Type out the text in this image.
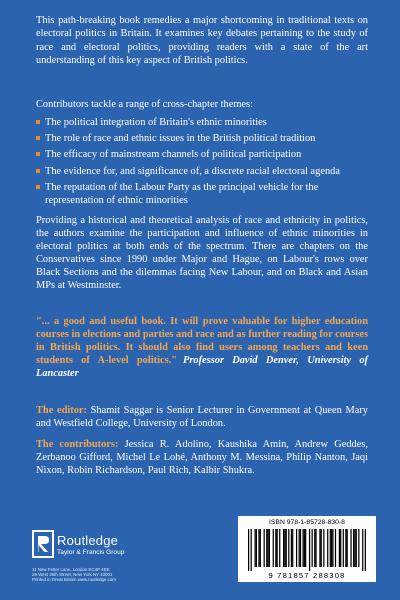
This path-breaking book remedies a major shortcoming in traditional texts on electoral politics in Britain. It examines key debates pertaining to the study of race and electoral politics, providing readers with a state of the art understanding of this key aspect of British politics.

Contributors tackle a range of cross-chapter themes:

The political integration of Britain's ethnic minorities
The role of race and ethnic issues in the British political tradition
The efficacy of mainstream channels of political participation
The evidence for, and significance of, a discrete racial electoral agenda
The reputation of the Labour Party as the principal vehicle for the representation of ethnic minorities

Providing a historical and theoretical analysis of race and ethnicity in politics, the authors examine the participation and influence of ethnic minorities in electoral politics at both ends of the spectrum. There are chapters on the Conservatives since 1990 under Major and Hague, on Labour's rows over Black Sections and the dilemmas facing New Labour, and on Black and Asian MPs at Westminster.

"... a good and useful book. It will prove valuable for higher education courses in elections and parties and race and as further reading for courses in British politics. It should also find users among teachers and keen students of A-level politics." Professor David Denver, University of Lancaster

The editor: Shamit Saggar is Senior Lecturer in Government at Queen Mary and Westfield College, University of London.

The contributors: Jessica R. Adolino, Kaushika Amin, Andrew Geddes, Zerbanoo Gifford, Michel Le Lohé, Anthony M. Messina, Philip Nanton, Jaqi Nixon, Robin Richardson, Paul Rich, Kalbir Shukra.

Routledge
Taylor & Francis Group
11 New Fetter Lane, London EC4P 4EE
29 West 35th Street, New York NY 10001
Printed in Great Britain www.routledge.com
ISBN 978-1-85728-830-8
9 781857 288308
